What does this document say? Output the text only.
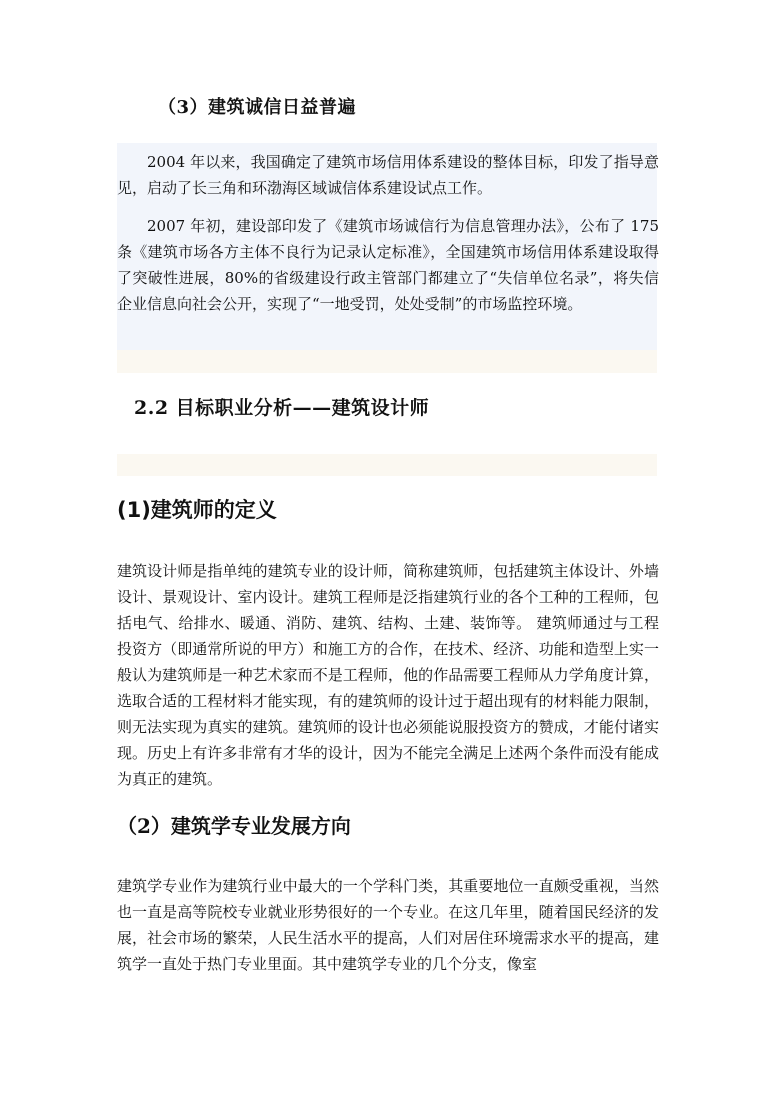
（3）建筑诚信日益普遍
2004 年以来，我国确定了建筑市场信用体系建设的整体目标，印发了指导意见，启动了长三角和环渤海区域诚信体系建设试点工作。
2007 年初，建设部印发了《建筑市场诚信行为信息管理办法》，公布了 175 条《建筑市场各方主体不良行为记录认定标准》，全国建筑市场信用体系建设取得了突破性进展，80%的省级建设行政主管部门都建立了“失信单位名录”，将失信企业信息向社会公开，实现了“一地受罚，处处受制”的市场监控环境。
2.2 目标职业分析——建筑设计师
(1)建筑师的定义
建筑设计师是指单纯的建筑专业的设计师，简称建筑师，包括建筑主体设计、外墙设计、景观设计、室内设计。建筑工程师是泛指建筑行业的各个工种的工程师，包括电气、给排水、暖通、消防、建筑、结构、土建、装饰等。 建筑师通过与工程投资方（即通常所说的甲方）和施工方的合作，在技术、经济、功能和造型上实一般认为建筑师是一种艺术家而不是工程师，他的作品需要工程师从力学角度计算，选取合适的工程材料才能实现，有的建筑师的设计过于超出现有的材料能力限制，则无法实现为真实的建筑。建筑师的设计也必须能说服投资方的赞成，才能付诸实现。历史上有许多非常有才华的设计，因为不能完全满足上述两个条件而没有能成为真正的建筑。
（2）建筑学专业发展方向
建筑学专业作为建筑行业中最大的一个学科门类，其重要地位一直颇受重视，当然也一直是高等院校专业就业形势很好的一个专业。在这几年里，随着国民经济的发展，社会市场的繁荣，人民生活水平的提高，人们对居住环境需求水平的提高，建筑学一直处于热门专业里面。其中建筑学专业的几个分支，像室
